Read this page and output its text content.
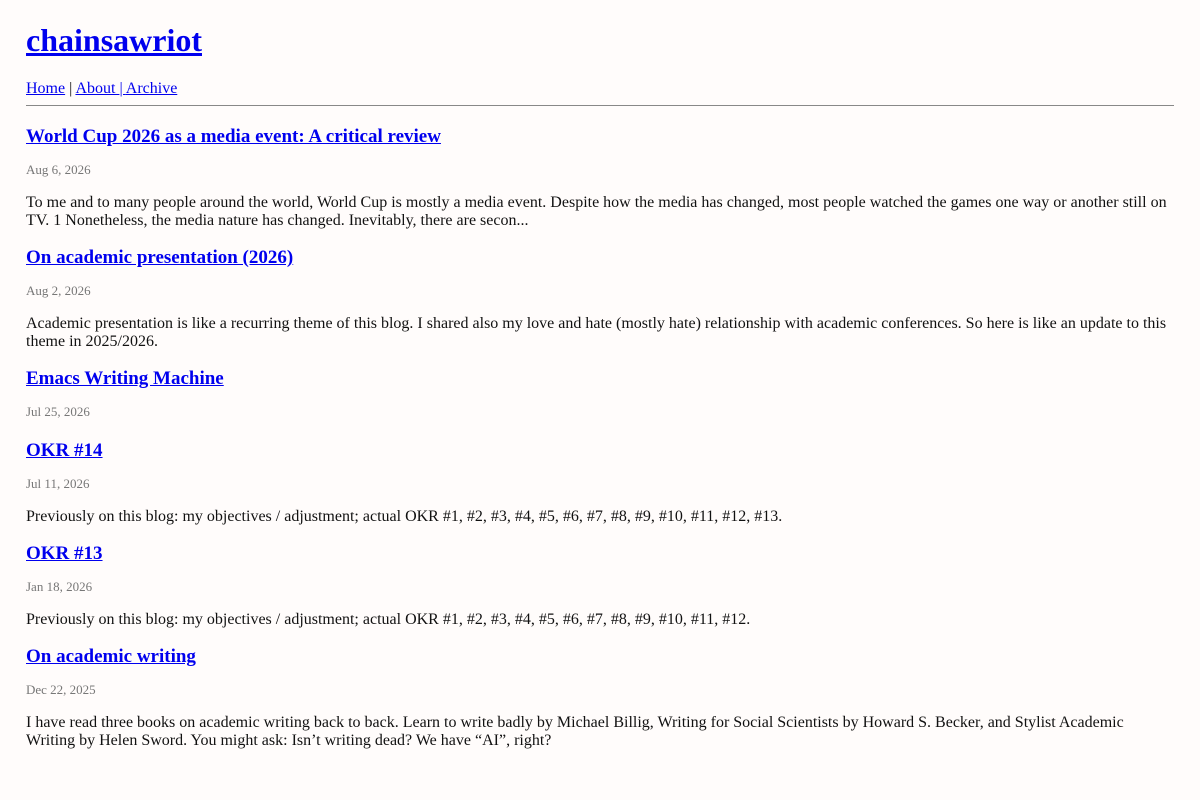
chainsawriot
Home | About | Archive
World Cup 2026 as a media event: A critical review

Aug 6, 2026

To me and to many people around the world, World Cup is mostly a media event. Despite how the media has changed, most people watched the games one way or another still on TV. 1 Nonetheless, the media nature has changed. Inevitably, there are secon...

On academic presentation (2026)

Aug 2, 2026

Academic presentation is like a recurring theme of this blog. I shared also my love and hate (mostly hate) relationship with academic conferences. So here is like an update to this theme in 2025/2026.

Emacs Writing Machine

Jul 25, 2026

OKR #14

Jul 11, 2026

Previously on this blog: my objectives / adjustment; actual OKR #1, #2, #3, #4, #5, #6, #7, #8, #9, #10, #11, #12, #13.

OKR #13

Jan 18, 2026

Previously on this blog: my objectives / adjustment; actual OKR #1, #2, #3, #4, #5, #6, #7, #8, #9, #10, #11, #12.

On academic writing

Dec 22, 2025

I have read three books on academic writing back to back. Learn to write badly by Michael Billig, Writing for Social Scientists by Howard S. Becker, and Stylist Academic Writing by Helen Sword. You might ask: Isn’t writing dead? We have “AI”, right?
